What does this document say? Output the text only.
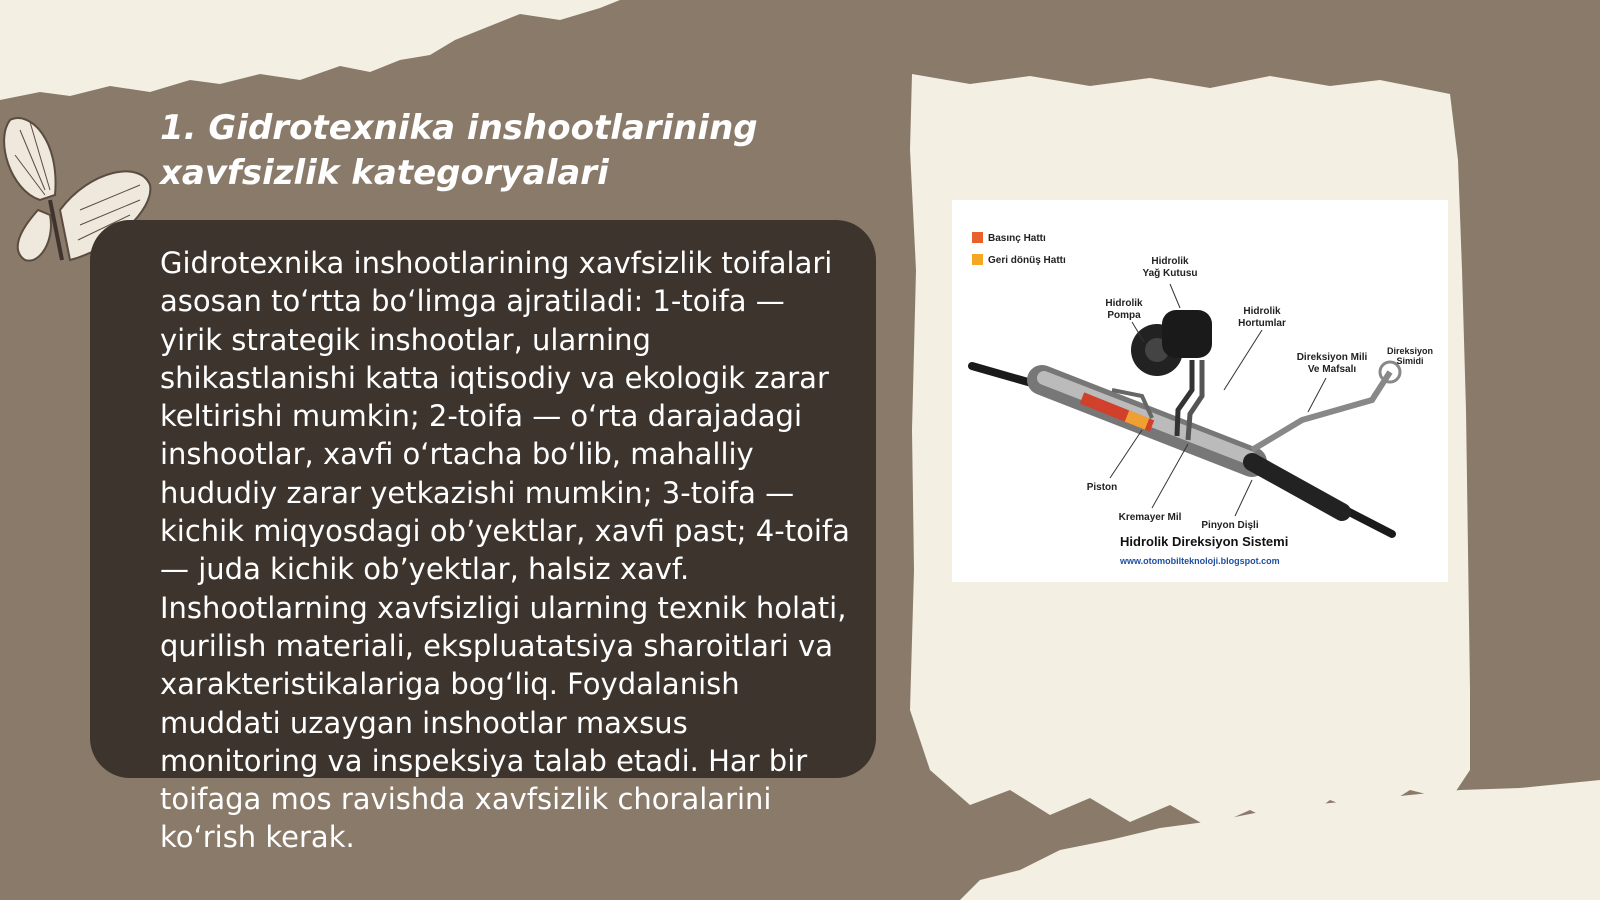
1. Gidrotexnika inshootlarining xavfsizlik kategoryalari

Gidrotexnika inshootlarining xavfsizlik toifalari asosan to‘rtta bo‘limga ajratiladi: 1-toifa — yirik strategik inshootlar, ularning shikastlanishi katta iqtisodiy va ekologik zarar keltirishi mumkin; 2-toifa — o‘rta darajadagi inshootlar, xavfi o‘rtacha bo‘lib, mahalliy hududiy zarar yetkazishi mumkin; 3-toifa — kichik miqyosdagi ob’yektlar, xavfi past; 4-toifa — juda kichik ob’yektlar, halsiz xavf. Inshootlarning xavfsizligi ularning texnik holati, qurilish materiali, ekspluatatsiya sharoitlari va xarakteristikalariga bog‘liq. Foydalanish muddati uzaygan inshootlar maxsus monitoring va inspeksiya talab etadi. Har bir toifaga mos ravishda xavfsizlik choralarini ko‘rish kerak.

Basınç Hattı
Geri dönüş Hattı	Hidrolik
Yağ Kutusu
Hidrolik
Pompa	Hidrolik
Hortumlar
Direksiyon Mili
Ve Mafsalı
Direksiyon
Simidi
Piston
Kremayer Mil
Pinyon Dişli
Hidrolik Direksiyon Sistemi
www.otomobilteknoloji.blogspot.com
